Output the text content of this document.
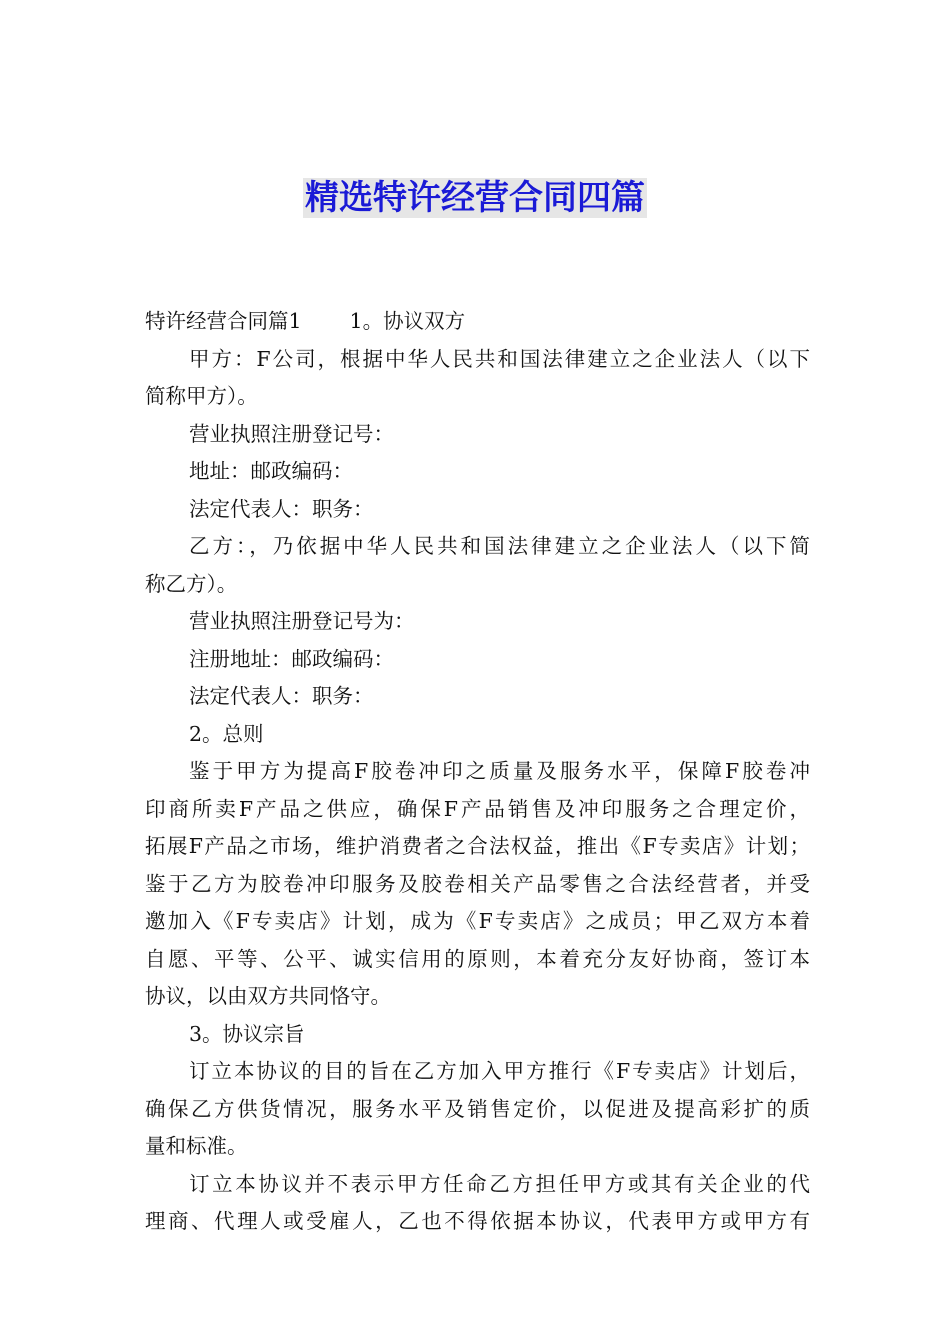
精选特许经营合同四篇
特许经营合同篇1 1。协议双方
甲方：F公司，根据中华人民共和国法律建立之企业法人（以下
简称甲方）。
营业执照注册登记号：
地址：邮政编码：
法定代表人：职务：
乙方：，乃依据中华人民共和国法律建立之企业法人（以下简
称乙方）。
营业执照注册登记号为：
注册地址：邮政编码：
法定代表人：职务：
2。总则
鉴于甲方为提高F胶卷冲印之质量及服务水平，保障F胶卷冲
印商所卖F产品之供应，确保F产品销售及冲印服务之合理定价，
拓展F产品之市场，维护消费者之合法权益，推出《F专卖店》计划；
鉴于乙方为胶卷冲印服务及胶卷相关产品零售之合法经营者，并受
邀加入《F专卖店》计划，成为《F专卖店》之成员；甲乙双方本着
自愿、平等、公平、诚实信用的原则，本着充分友好协商，签订本
协议，以由双方共同恪守。
3。协议宗旨
订立本协议的目的旨在乙方加入甲方推行《F专卖店》计划后，
确保乙方供货情况，服务水平及销售定价，以促进及提高彩扩的质
量和标准。
订立本协议并不表示甲方任命乙方担任甲方或其有关企业的代
理商、代理人或受雇人，乙也不得依据本协议，代表甲方或甲方有
